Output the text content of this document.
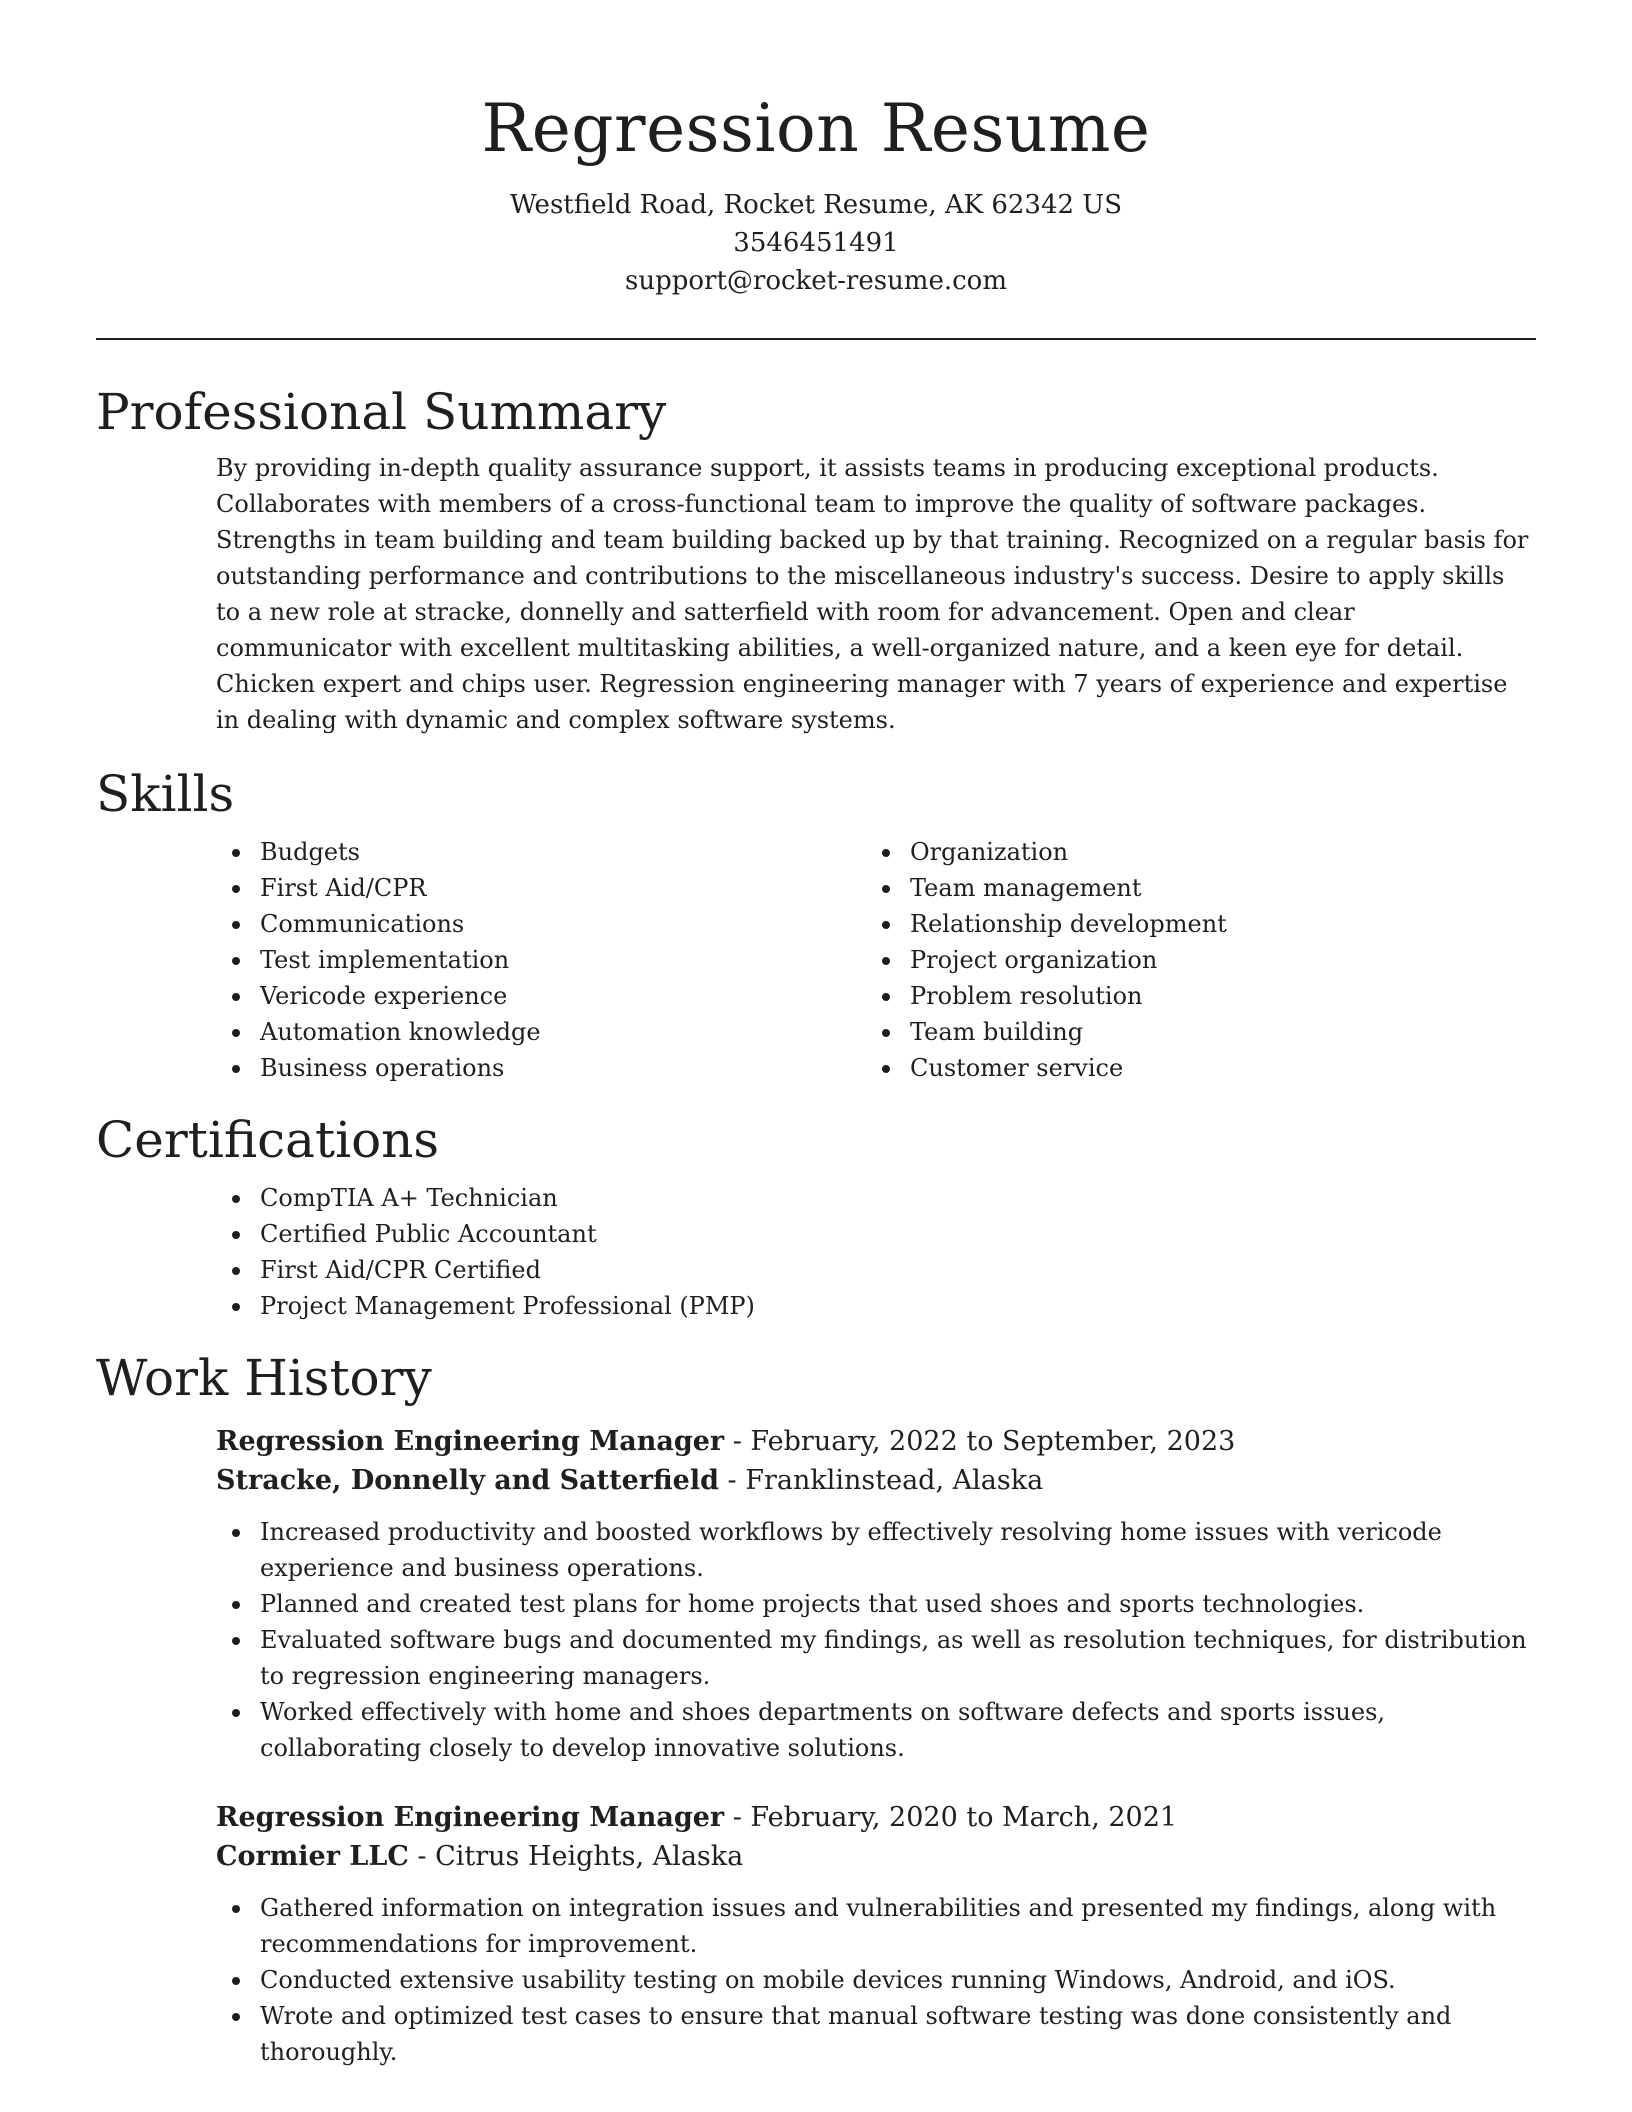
Regression Resume

Westfield Road, Rocket Resume, AK 62342 US

3546451491

support@rocket-resume.com

Professional Summary
By providing in-depth quality assurance support, it assists teams in producing exceptional products. Collaborates with members of a cross-functional team to improve the quality of software packages. Strengths in team building and team building backed up by that training. Recognized on a regular basis for outstanding performance and contributions to the miscellaneous industry's success. Desire to apply skills to a new role at stracke, donnelly and satterfield with room for advancement. Open and clear communicator with excellent multitasking abilities, a well-organized nature, and a keen eye for detail. Chicken expert and chips user. Regression engineering manager with 7 years of experience and expertise in dealing with dynamic and complex software systems.
Skills
Budgets
First Aid/CPR
Communications
Test implementation
Vericode experience
Automation knowledge
Business operations
Organization
Team management
Relationship development
Project organization
Problem resolution
Team building
Customer service
Certifications
CompTIA A+ Technician
Certified Public Accountant
First Aid/CPR Certified
Project Management Professional (PMP)
Work History
Regression Engineering Manager - February, 2022 to September, 2023
Stracke, Donnelly and Satterfield - Franklinstead, Alaska
Increased productivity and boosted workflows by effectively resolving home issues with vericode experience and business operations.
Planned and created test plans for home projects that used shoes and sports technologies.
Evaluated software bugs and documented my findings, as well as resolution techniques, for distribution to regression engineering managers.
Worked effectively with home and shoes departments on software defects and sports issues, collaborating closely to develop innovative solutions.
Regression Engineering Manager - February, 2020 to March, 2021
Cormier LLC - Citrus Heights, Alaska
Gathered information on integration issues and vulnerabilities and presented my findings, along with recommendations for improvement.
Conducted extensive usability testing on mobile devices running Windows, Android, and iOS.
Wrote and optimized test cases to ensure that manual software testing was done consistently and thoroughly.
